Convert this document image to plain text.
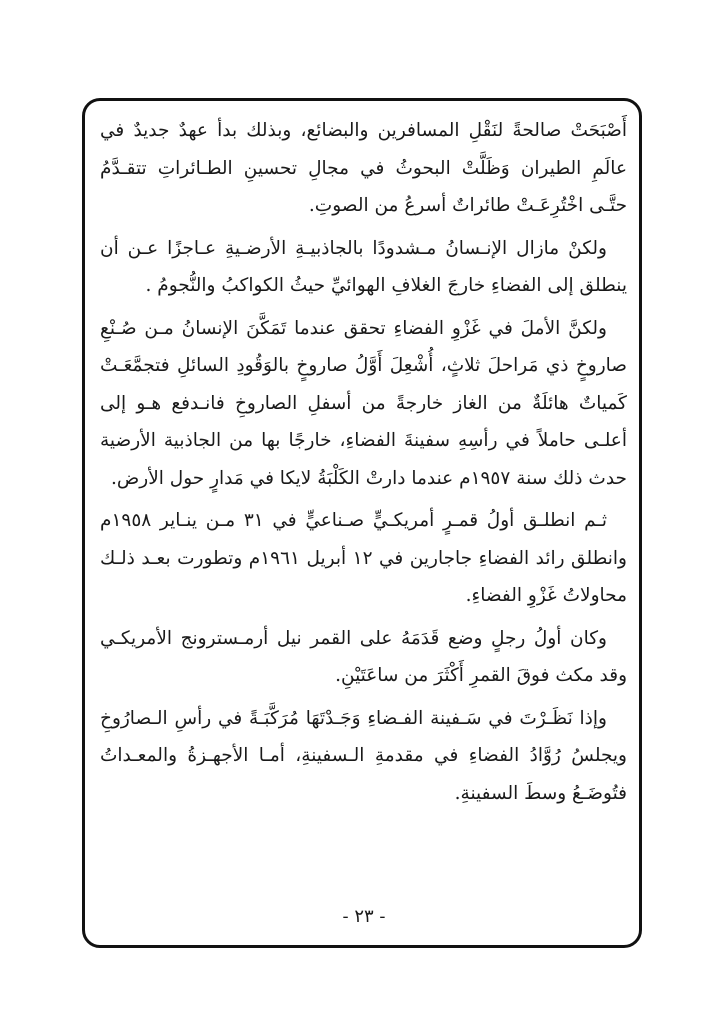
أَصْبَحَتْ صالحةً لنَقْلِ المسافرين والبضائع، وبذلك بدأ عهدٌ جديدٌ في عالَمِ الطيران وَظَلَّتْ البحوثُ في مجالِ تحسينِ الطـائراتِ تتقـدَّمُ حتَّـى اخْتُرِعَـتْ طائراتٌ أسرعُ من الصوتِ.

ولكنْ مازال الإنـسانُ مـشدودًا بالجاذبيـةِ الأرضـيةِ عـاجزًا عـن أن ينطلق إلى الفضاءِ خارجَ الغلافِ الهوائيِّ حيثُ الكواكبُ والنُّجومُ .

ولكنَّ الأملَ في غَزْوِ الفضاءِ تحقق عندما تَمَكَّنَ الإنسانُ مـن صُـنْعِ صاروخٍ ذي مَراحلَ ثلاثٍ، أُشْعِلَ أَوَّلُ صاروخٍ بالوَقُودِ السائلِ فتجمَّعَـتْ كَمياتٌ هائلَةٌ من الغاز خارجةً من أسفلِ الصاروخِ فانـدفع هـو إلى أعلـى حاملاً في رأسِهِ سفينةَ الفضاءِ، خارجًا بها من الجاذبية الأرضية حدث ذلك سنة ١٩٥٧م عندما دارتْ الكَلْبَةُ لايكا في مَدارٍ حول الأرض.

ثـم انطلـق أولُ قمـرٍ أمريكـيٍّ صـناعيٍّ في ٣١ مـن ينـاير ١٩٥٨م وانطلق رائد الفضاءِ جاجارين في ١٢ أبريل ١٩٦١م وتطورت بعـد ذلـك محاولاتُ غَزْوِ الفضاءِ.

وكان أولُ رجلٍ وضع قَدَمَهُ على القمر نيل أرمـسترونج الأمريكـي وقد مكث فوقَ القمرِ أَكْثَرَ من ساعَتَيْنِ.

وإذا نَظَـرْتَ في سَـفينة الفـضاءِ وَجَـدْتَهَا مُرَكَّبَـةً في رأسِ الـصارُوخِ ويجلسُ رُوَّادُ الفضاءِ في مقدمةِ الـسفينةِ، أمـا الأجهـزةُ والمعـداتُ فتُوضَـعُ وسطَ السفينةِ.

- ٢٣ -
